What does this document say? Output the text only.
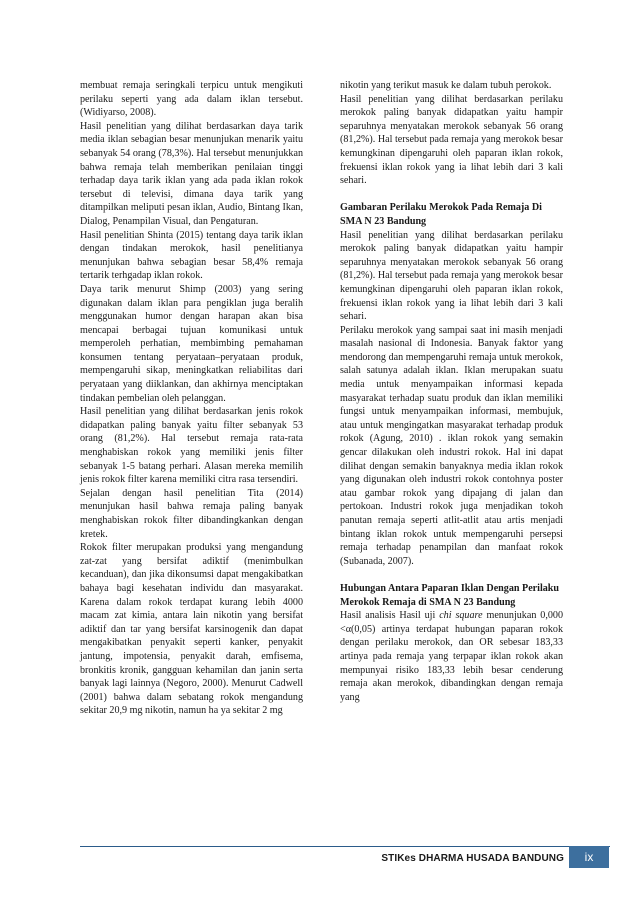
membuat remaja seringkali terpicu untuk mengikuti perilaku seperti yang ada dalam iklan tersebut. (Widiyarso, 2008).

Hasil penelitian yang dilihat berdasarkan daya tarik media iklan sebagian besar menunjukan menarik yaitu sebanyak 54 orang (78,3%). Hal tersebut menunjukkan bahwa remaja telah memberikan penilaian tinggi terhadap daya tarik iklan yang ada pada iklan rokok tersebut di televisi, dimana daya tarik yang ditampilkan meliputi pesan iklan, Audio, Bintang Ikan, Dialog, Penampilan Visual, dan Pengaturan.

Hasil penelitian Shinta (2015) tentang daya tarik iklan dengan tindakan merokok, hasil penelitianya menunjukan bahwa sebagian besar 58,4% remaja tertarik terhgadap iklan rokok.

Daya tarik menurut Shimp (2003) yang sering digunakan dalam iklan para pengiklan juga beralih menggunakan humor dengan harapan akan bisa mencapai berbagai tujuan komunikasi untuk memperoleh perhatian, membimbing pemahaman konsumen tentang peryataan–peryataan produk, mempengaruhi sikap, meningkatkan reliabilitas dari peryataan yang diiklankan, dan akhirnya menciptakan tindakan pembelian oleh pelanggan.

Hasil penelitian yang dilihat berdasarkan jenis rokok didapatkan paling banyak yaitu filter sebanyak 53 orang (81,2%). Hal tersebut remaja rata-rata menghabiskan rokok yang memiliki jenis filter sebanyak 1-5 batang perhari. Alasan mereka memilih jenis rokok filter karena memiliki citra rasa tersendiri.

Sejalan dengan hasil penelitian Tita (2014) menunjukan hasil bahwa remaja paling banyak menghabiskan rokok filter dibandingkankan dengan kretek.

Rokok filter merupakan produksi yang mengandung zat-zat yang bersifat adiktif (menimbulkan kecanduan), dan jika dikonsumsi dapat mengakibatkan bahaya bagi kesehatan individu dan masyarakat. Karena dalam rokok terdapat kurang lebih 4000 macam zat kimia, antara lain nikotin yang bersifat adiktif dan tar yang bersifat karsinogenik dan dapat mengakibatkan penyakit seperti kanker, penyakit jantung, impotensia, penyakit darah, emfisema, bronkitis kronik, gangguan kehamilan dan janin serta banyak lagi lainnya (Negoro, 2000). Menurut Cadwell (2001) bahwa dalam sebatang rokok mengandung sekitar 20,9 mg nikotin, namun ha ya sekitar 2 mg

nikotin yang terikut masuk ke dalam tubuh perokok.

Hasil penelitian yang dilihat berdasarkan perilaku merokok paling banyak didapatkan yaitu hampir separuhnya menyatakan merokok sebanyak 56 orang (81,2%). Hal tersebut pada remaja yang merokok besar kemungkinan dipengaruhi oleh paparan iklan rokok, frekuensi iklan rokok yang ia lihat lebih dari 3 kali sehari.

Gambaran Perilaku Merokok Pada Remaja Di SMA N 23 Bandung

Hasil penelitian yang dilihat berdasarkan perilaku merokok paling banyak didapatkan yaitu hampir separuhnya menyatakan merokok sebanyak 56 orang (81,2%). Hal tersebut pada remaja yang merokok besar kemungkinan dipengaruhi oleh paparan iklan rokok, frekuensi iklan rokok yang ia lihat lebih dari 3 kali sehari.

Perilaku merokok yang sampai saat ini masih menjadi masalah nasional di Indonesia. Banyak faktor yang mendorong dan mempengaruhi remaja untuk merokok, salah satunya adalah iklan. Iklan merupakan suatu media untuk menyampaikan informasi kepada masyarakat terhadap suatu produk dan iklan memiliki fungsi untuk menyampaikan informasi, membujuk, atau untuk mengingatkan masyarakat terhadap produk rokok (Agung, 2010) . iklan rokok yang semakin gencar dilakukan oleh industri rokok. Hal ini dapat dilihat dengan semakin banyaknya media iklan rokok yang digunakan oleh industri rokok contohnya poster atau gambar rokok yang dipajang di jalan dan pertokoan. Industri rokok juga menjadikan tokoh panutan remaja seperti atlit-atlit atau artis menjadi bintang iklan rokok untuk mempengaruhi persepsi remaja terhadap penampilan dan manfaat rokok (Subanada, 2007).

Hubungan Antara Paparan Iklan Dengan Perilaku Merokok Remaja di SMA N 23 Bandung

Hasil analisis Hasil uji chi square menunjukan 0,000 <α(0,05) artinya terdapat hubungan paparan rokok dengan perilaku merokok, dan OR sebesar 183,33 artinya pada remaja yang terpapar iklan rokok akan mempunyai risiko 183,33 lebih besar cenderung remaja akan merokok, dibandingkan dengan remaja yang

STIKes DHARMA HUSADA BANDUNG	ix
